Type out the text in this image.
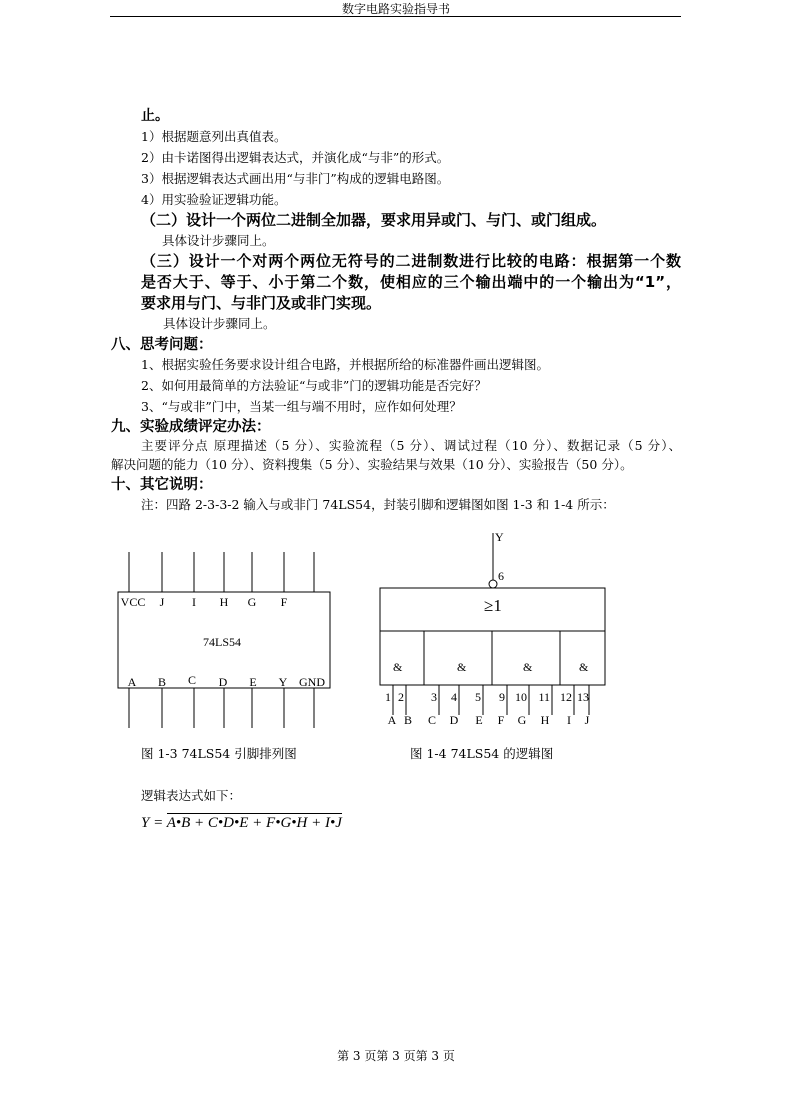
数字电路实验指导书
止。
1）根据题意列出真值表。
2）由卡诺图得出逻辑表达式，并演化成“与非”的形式。
3）根据逻辑表达式画出用“与非门”构成的逻辑电路图。
4）用实验验证逻辑功能。
（二）设计一个两位二进制全加器，要求用异或门、与门、或门组成。
具体设计步骤同上。
（三）设计一个对两个两位无符号的二进制数进行比较的电路：根据第一个数
是否大于、等于、小于第二个数，使相应的三个输出端中的一个输出为“1”，
要求用与门、与非门及或非门实现。
具体设计步骤同上。
八、思考问题：
1、根据实验任务要求设计组合电路，并根据所给的标准器件画出逻辑图。
2、如何用最简单的方法验证“与或非”门的逻辑功能是否完好？
3、“与或非”门中，当某一组与端不用时，应作如何处理？
九、实验成绩评定办法：
主要评分点 原理描述（5 分）、实验流程（5 分）、调试过程（10 分）、数据记录（5 分）、
解决问题的能力（10 分）、资料搜集（5 分）、实验结果与效果（10 分）、实验报告（50 分）。
十、其它说明：
注：四路 2-3-3-2 输入与或非门 74LS54，封装引脚和逻辑图如图 1-3 和 1-4 所示：
VCC J I H G F
74LS54
A B C D E Y GND
Y
6
≥1
&	&	&	&
1 2 3 4 5 9 10 11 12 13
A B C D E F G H I J
图 1-3 74LS54 引脚排列图	图 1-4 74LS54 的逻辑图
逻辑表达式如下：
Y = A•B + C•D•E + F•G•H + I•J
第 3 页第 3 页第 3 页
